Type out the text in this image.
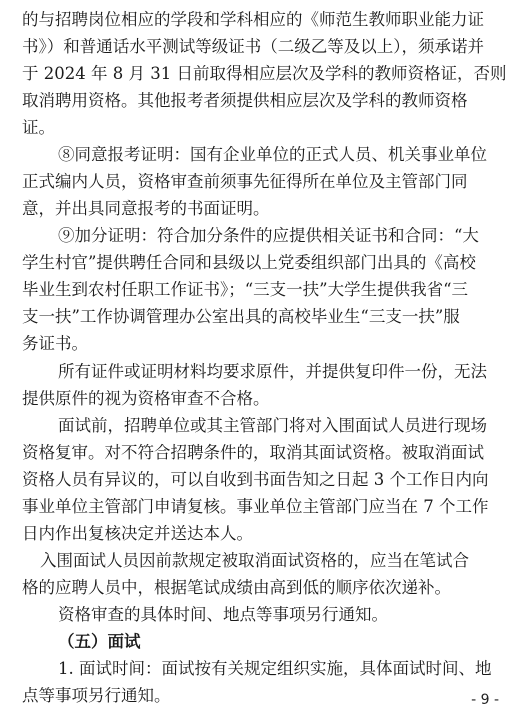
的与招聘岗位相应的学段和学科相应的《师范生教师职业能力证
书》）和普通话水平测试等级证书（二级乙等及以上），须承诺并
于 2024 年 8 月 31 日前取得相应层次及学科的教师资格证，否则
取消聘用资格。其他报考者须提供相应层次及学科的教师资格
证。
⑧同意报考证明：国有企业单位的正式人员、机关事业单位
正式编内人员，资格审查前须事先征得所在单位及主管部门同
意，并出具同意报考的书面证明。
⑨加分证明：符合加分条件的应提供相关证书和合同：“大
学生村官”提供聘任合同和县级以上党委组织部门出具的《高校
毕业生到农村任职工作证书》；“三支一扶”大学生提供我省“三
支一扶”工作协调管理办公室出具的高校毕业生“三支一扶”服
务证书。
所有证件或证明材料均要求原件，并提供复印件一份，无法
提供原件的视为资格审查不合格。
面试前，招聘单位或其主管部门将对入围面试人员进行现场
资格复审。对不符合招聘条件的，取消其面试资格。被取消面试
资格人员有异议的，可以自收到书面告知之日起 3 个工作日内向
事业单位主管部门申请复核。事业单位主管部门应当在 7 个工作
日内作出复核决定并送达本人。
入围面试人员因前款规定被取消面试资格的，应当在笔试合
格的应聘人员中，根据笔试成绩由高到低的顺序依次递补。
资格审查的具体时间、地点等事项另行通知。
（五）面试
1. 面试时间：面试按有关规定组织实施，具体面试时间、地
点等事项另行通知。	- 9 -
